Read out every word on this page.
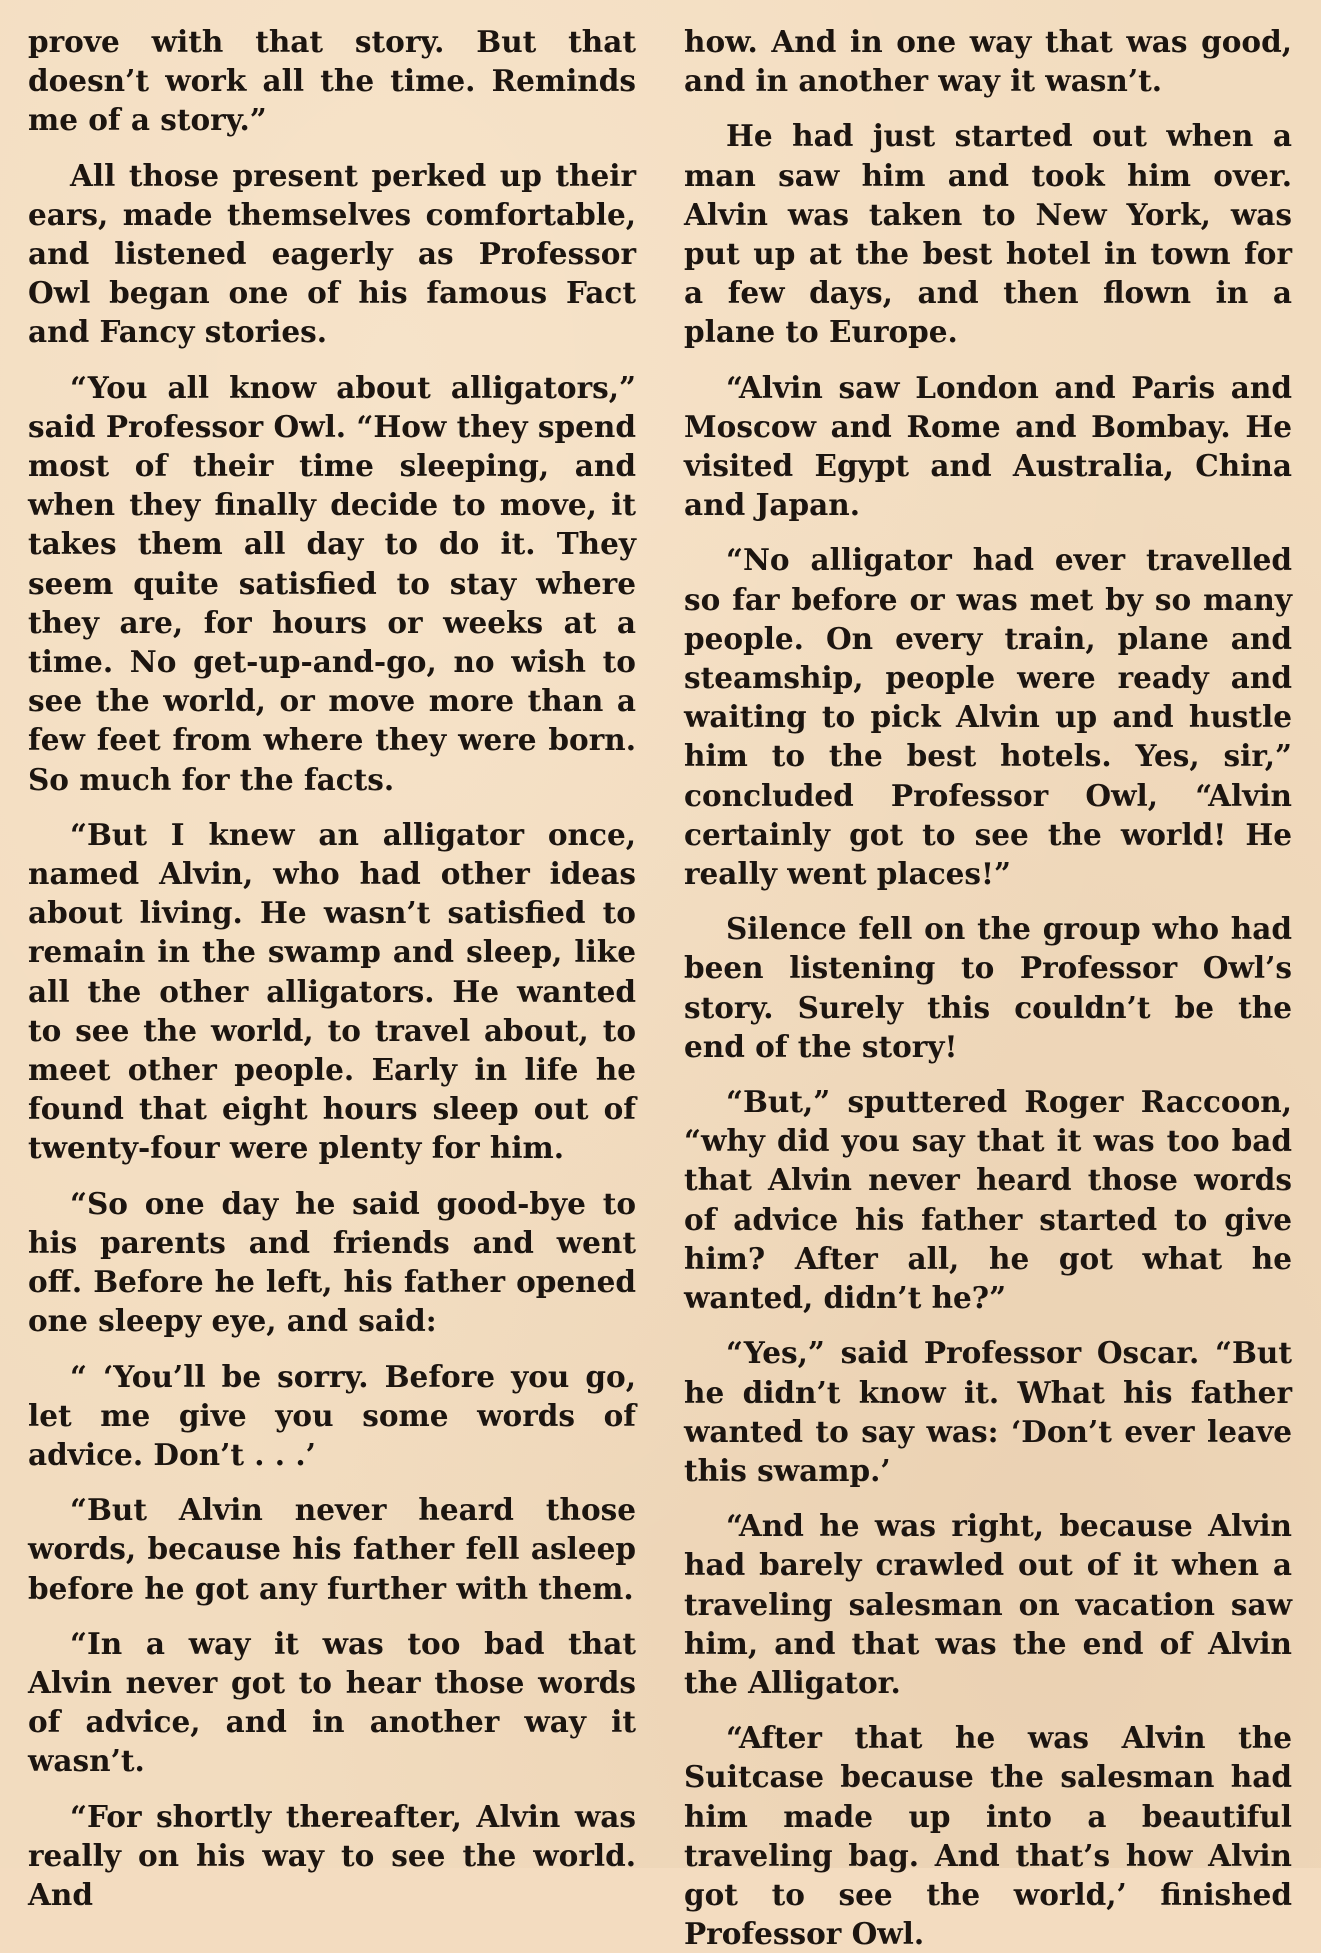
prove with that story. But that doesn’t work all the time. Reminds me of a story.”

All those present perked up their ears, made themselves comfortable, and listened eagerly as Professor Owl began one of his famous Fact and Fancy stories.

“You all know about alligators,” said Professor Owl. “How they spend most of their time sleeping, and when they finally decide to move, it takes them all day to do it. They seem quite satisfied to stay where they are, for hours or weeks at a time. No get-up-and-go, no wish to see the world, or move more than a few feet from where they were born. So much for the facts.

“But I knew an alligator once, named Alvin, who had other ideas about living. He wasn’t satisfied to remain in the swamp and sleep, like all the other alligators. He wanted to see the world, to travel about, to meet other people. Early in life he found that eight hours sleep out of twenty-four were plenty for him.

“So one day he said good-bye to his parents and friends and went off. Before he left, his father opened one sleepy eye, and said:

“ ‘You’ll be sorry. Before you go, let me give you some words of advice. Don’t . . .’

“But Alvin never heard those words, because his father fell asleep before he got any further with them.

“In a way it was too bad that Alvin never got to hear those words of advice, and in another way it wasn’t.

“For shortly thereafter, Alvin was really on his way to see the world. And

how. And in one way that was good, and in another way it wasn’t.

He had just started out when a man saw him and took him over. Alvin was taken to New York, was put up at the best hotel in town for a few days, and then flown in a plane to Europe.

“Alvin saw London and Paris and Moscow and Rome and Bombay. He visited Egypt and Australia, China and Japan.

“No alligator had ever travelled so far before or was met by so many people. On every train, plane and steamship, people were ready and waiting to pick Alvin up and hustle him to the best hotels. Yes, sir,” concluded Professor Owl, “Alvin certainly got to see the world! He really went places!”

Silence fell on the group who had been listening to Professor Owl’s story. Surely this couldn’t be the end of the story!

“But,” sputtered Roger Raccoon, “why did you say that it was too bad that Alvin never heard those words of advice his father started to give him? After all, he got what he wanted, didn’t he?”

“Yes,” said Professor Oscar. “But he didn’t know it. What his father wanted to say was: ‘Don’t ever leave this swamp.’

“And he was right, because Alvin had barely crawled out of it when a traveling salesman on vacation saw him, and that was the end of Alvin the Alligator.

“After that he was Alvin the Suitcase because the salesman had him made up into a beautiful traveling bag. And that’s how Alvin got to see the world,’ finished Professor Owl.
